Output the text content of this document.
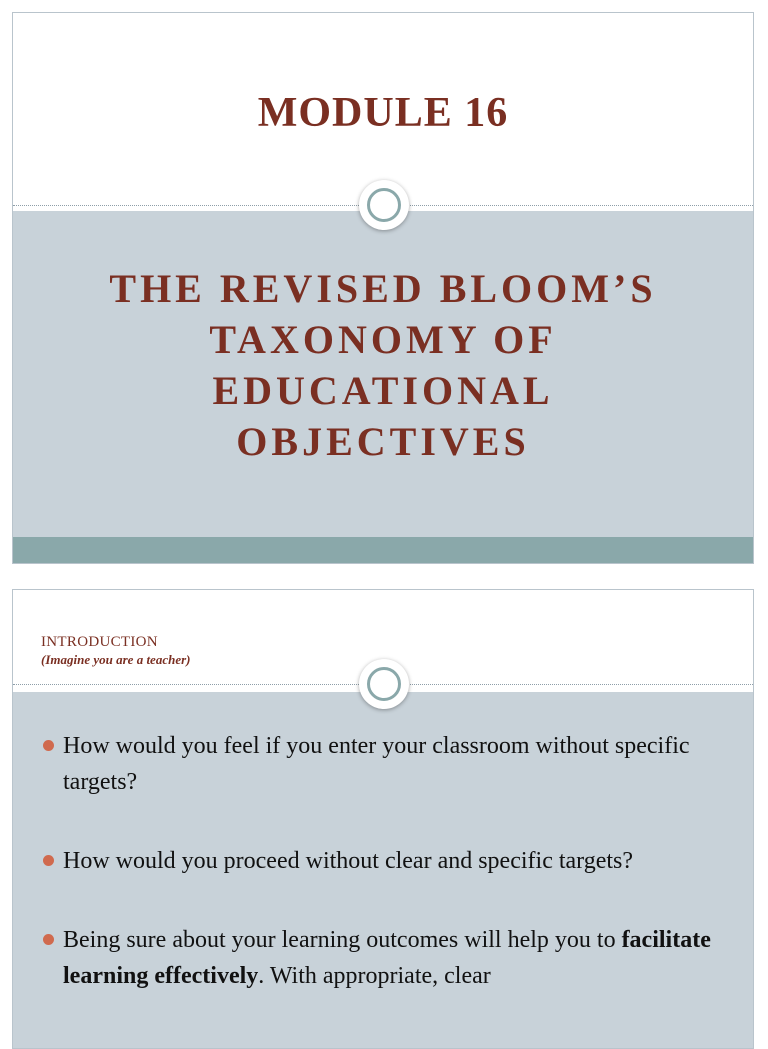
MODULE 16
THE REVISED BLOOM’S
TAXONOMY OF
EDUCATIONAL
OBJECTIVES
INTRODUCTION
(Imagine you are a teacher)
How would you feel if you enter your classroom without specific targets?
How would you proceed without clear and specific targets?
Being sure about your learning outcomes will help you to facilitate learning effectively. With appropriate, clear
